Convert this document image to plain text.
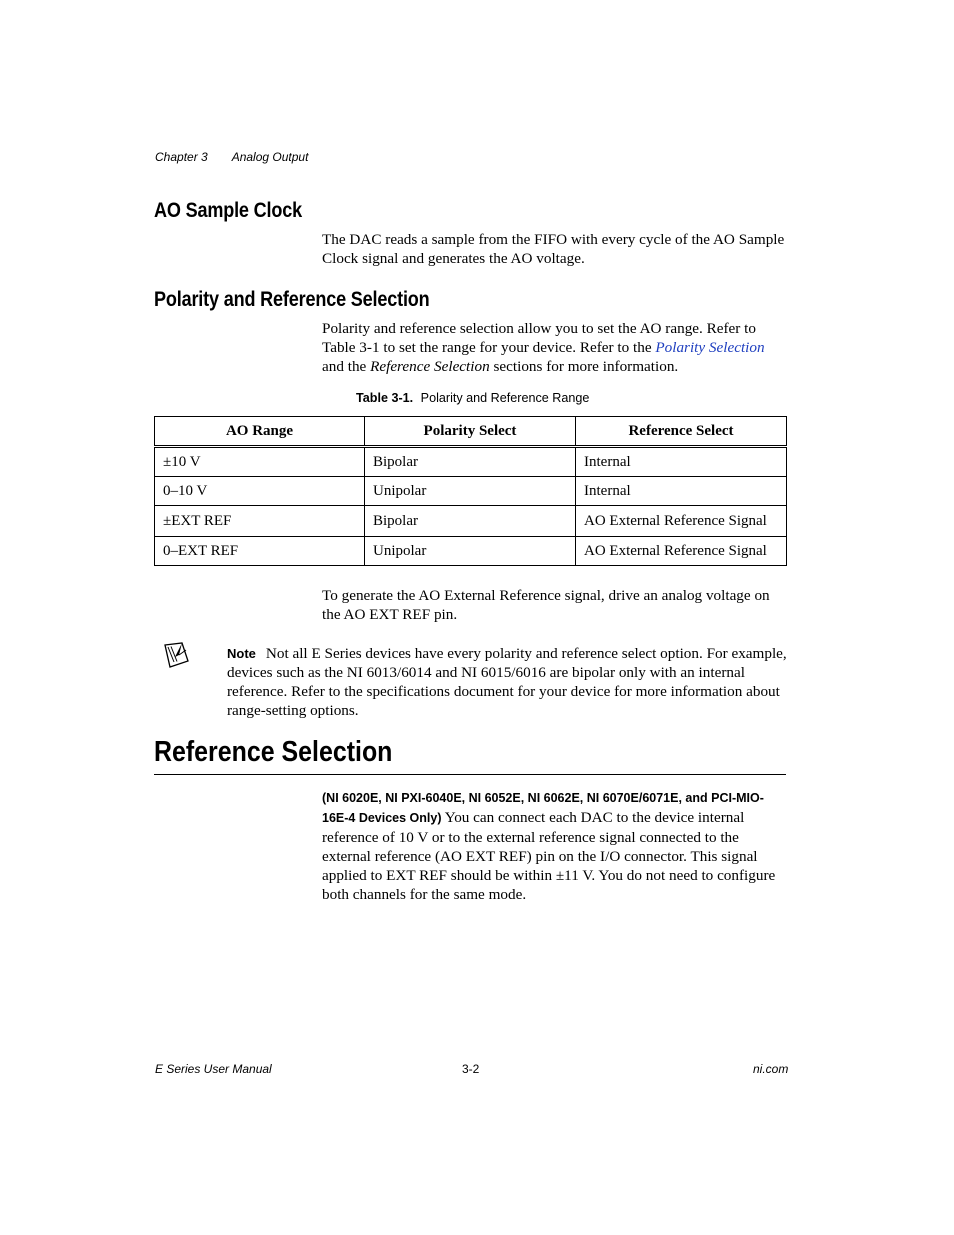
Chapter 3 Analog Output
AO Sample Clock
The DAC reads a sample from the FIFO with every cycle of the AO Sample Clock signal and generates the AO voltage.
Polarity and Reference Selection
Polarity and reference selection allow you to set the AO range. Refer to Table 3-1 to set the range for your device. Refer to the Polarity Selection and the Reference Selection sections for more information.
Table 3-1. Polarity and Reference Range
AO Range	Polarity Select	Reference Select
±10 V	Bipolar	Internal
0–10 V	Unipolar	Internal
±EXT REF	Bipolar	AO External Reference Signal
0–EXT REF	Unipolar	AO External Reference Signal
To generate the AO External Reference signal, drive an analog voltage on the AO EXT REF pin.
Note Not all E Series devices have every polarity and reference select option. For example, devices such as the NI 6013/6014 and NI 6015/6016 are bipolar only with an internal reference. Refer to the specifications document for your device for more information about range-setting options.
Reference Selection
(NI 6020E, NI PXI-6040E, NI 6052E, NI 6062E, NI 6070E/6071E, and PCI-MIO-16E-4 Devices Only) You can connect each DAC to the device internal reference of 10 V or to the external reference signal connected to the external reference (AO EXT REF) pin on the I/O connector. This signal applied to EXT REF should be within ±11 V. You do not need to configure both channels for the same mode.
E Series User Manual	3-2	ni.com
